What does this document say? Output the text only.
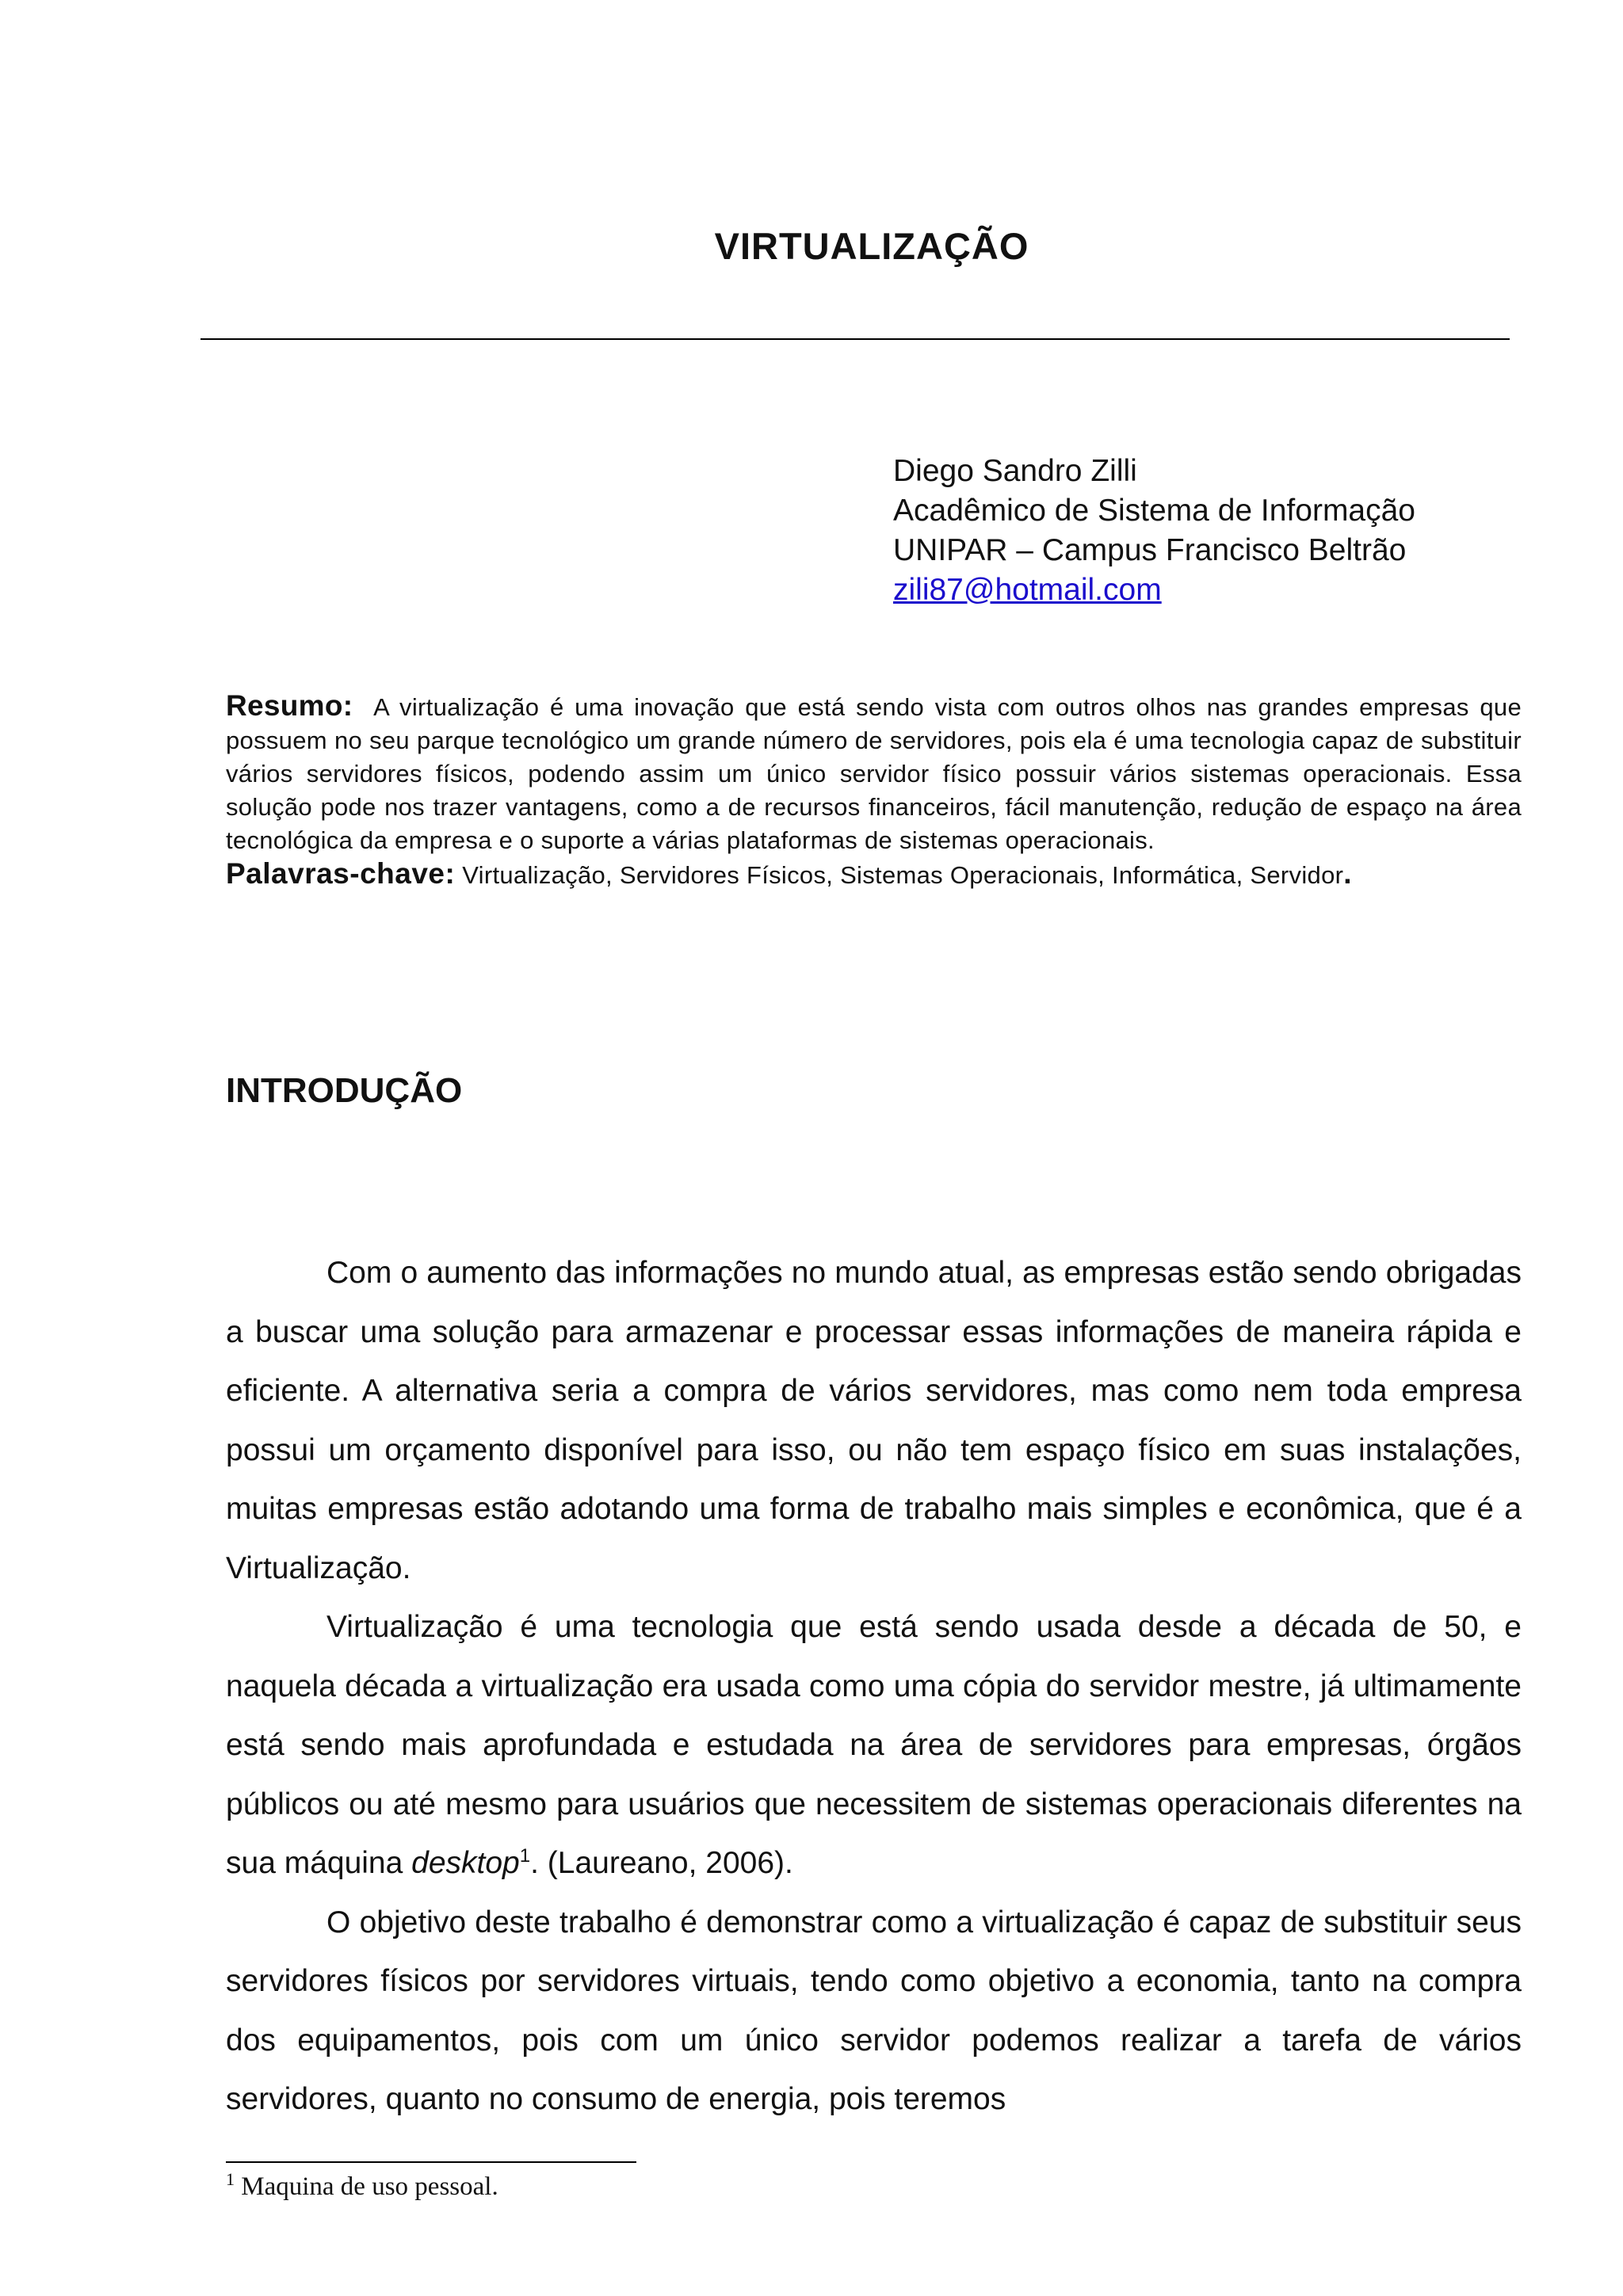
VIRTUALIZAÇÃO
Diego Sandro Zilli
Acadêmico de Sistema de Informação
UNIPAR – Campus Francisco Beltrão
zili87@hotmail.com
Resumo: A virtualização é uma inovação que está sendo vista com outros olhos nas grandes empresas que possuem no seu parque tecnológico um grande número de servidores, pois ela é uma tecnologia capaz de substituir vários servidores físicos, podendo assim um único servidor físico possuir vários sistemas operacionais. Essa solução pode nos trazer vantagens, como a de recursos financeiros, fácil manutenção, redução de espaço na área tecnológica da empresa e o suporte a várias plataformas de sistemas operacionais.
Palavras-chave: Virtualização, Servidores Físicos, Sistemas Operacionais, Informática, Servidor.
INTRODUÇÃO

Com o aumento das informações no mundo atual, as empresas estão sendo obrigadas a buscar uma solução para armazenar e processar essas informações de maneira rápida e eficiente. A alternativa seria a compra de vários servidores, mas como nem toda empresa possui um orçamento disponível para isso, ou não tem espaço físico em suas instalações, muitas empresas estão adotando uma forma de trabalho mais simples e econômica, que é a Virtualização.

Virtualização é uma tecnologia que está sendo usada desde a década de 50, e naquela década a virtualização era usada como uma cópia do servidor mestre, já ultimamente está sendo mais aprofundada e estudada na área de servidores para empresas, órgãos públicos ou até mesmo para usuários que necessitem de sistemas operacionais diferentes na sua máquina desktop$^1$. (Laureano, 2006).

O objetivo deste trabalho é demonstrar como a virtualização é capaz de substituir seus servidores físicos por servidores virtuais, tendo como objetivo a economia, tanto na compra dos equipamentos, pois com um único servidor podemos realizar a tarefa de vários servidores, quanto no consumo de energia, pois teremos

$^1$ Maquina de uso pessoal.
